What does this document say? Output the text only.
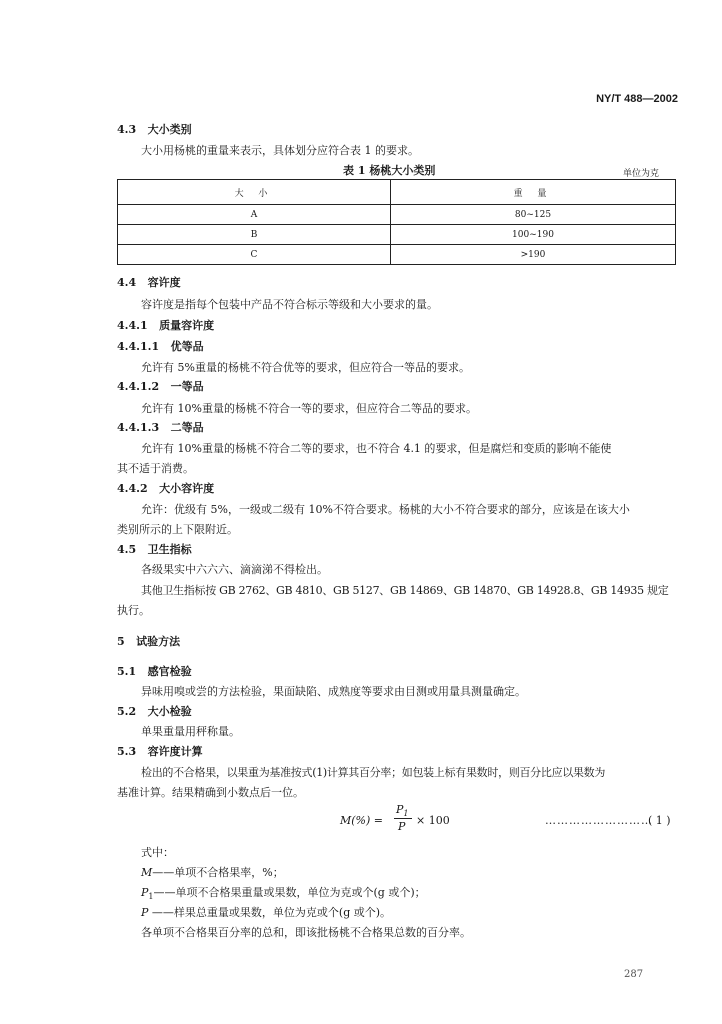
NY/T 488—2002
4.3 大小类别
大小用杨桃的重量来表示，具体划分应符合表 1 的要求。
表 1 杨桃大小类别	单位为克
大 小	重 量
A	80~125
B	100~190
C	>190
4.4 容许度
容许度是指每个包装中产品不符合标示等级和大小要求的量。
4.4.1 质量容许度
4.4.1.1 优等品
允许有 5%重量的杨桃不符合优等的要求，但应符合一等品的要求。
4.4.1.2 一等品
允许有 10%重量的杨桃不符合一等的要求，但应符合二等品的要求。
4.4.1.3 二等品
允许有 10%重量的杨桃不符合二等的要求，也不符合 4.1 的要求，但是腐烂和变质的影响不能使
其不适于消费。
4.4.2 大小容许度
允许：优级有 5%，一级或二级有 10%不符合要求。杨桃的大小不符合要求的部分，应该是在该大小
类别所示的上下限附近。
4.5 卫生指标
各级果实中六六六、滴滴涕不得检出。
其他卫生指标按 GB 2762、GB 4810、GB 5127、GB 14869、GB 14870、GB 14928.8、GB 14935 规定
执行。
5 试验方法
5.1 感官检验
异味用嗅或尝的方法检验，果面缺陷、成熟度等要求由目测或用量具测量确定。
5.2 大小检验
单果重量用秤称量。
5.3 容许度计算
检出的不合格果，以果重为基准按式(1)计算其百分率；如包装上标有果数时，则百分比应以果数为
基准计算。结果精确到小数点后一位。
M(%) =
$P_1$
P × 100	………………………
( 1 )
式中：
M——单项不合格果率，%；
$P_1——$单项不合格果重量或果数，单位为克或个(g 或个)；
P ——样果总重量或果数，单位为克或个(g 或个)。
各单项不合格果百分率的总和，即该批杨桃不合格果总数的百分率。
287
